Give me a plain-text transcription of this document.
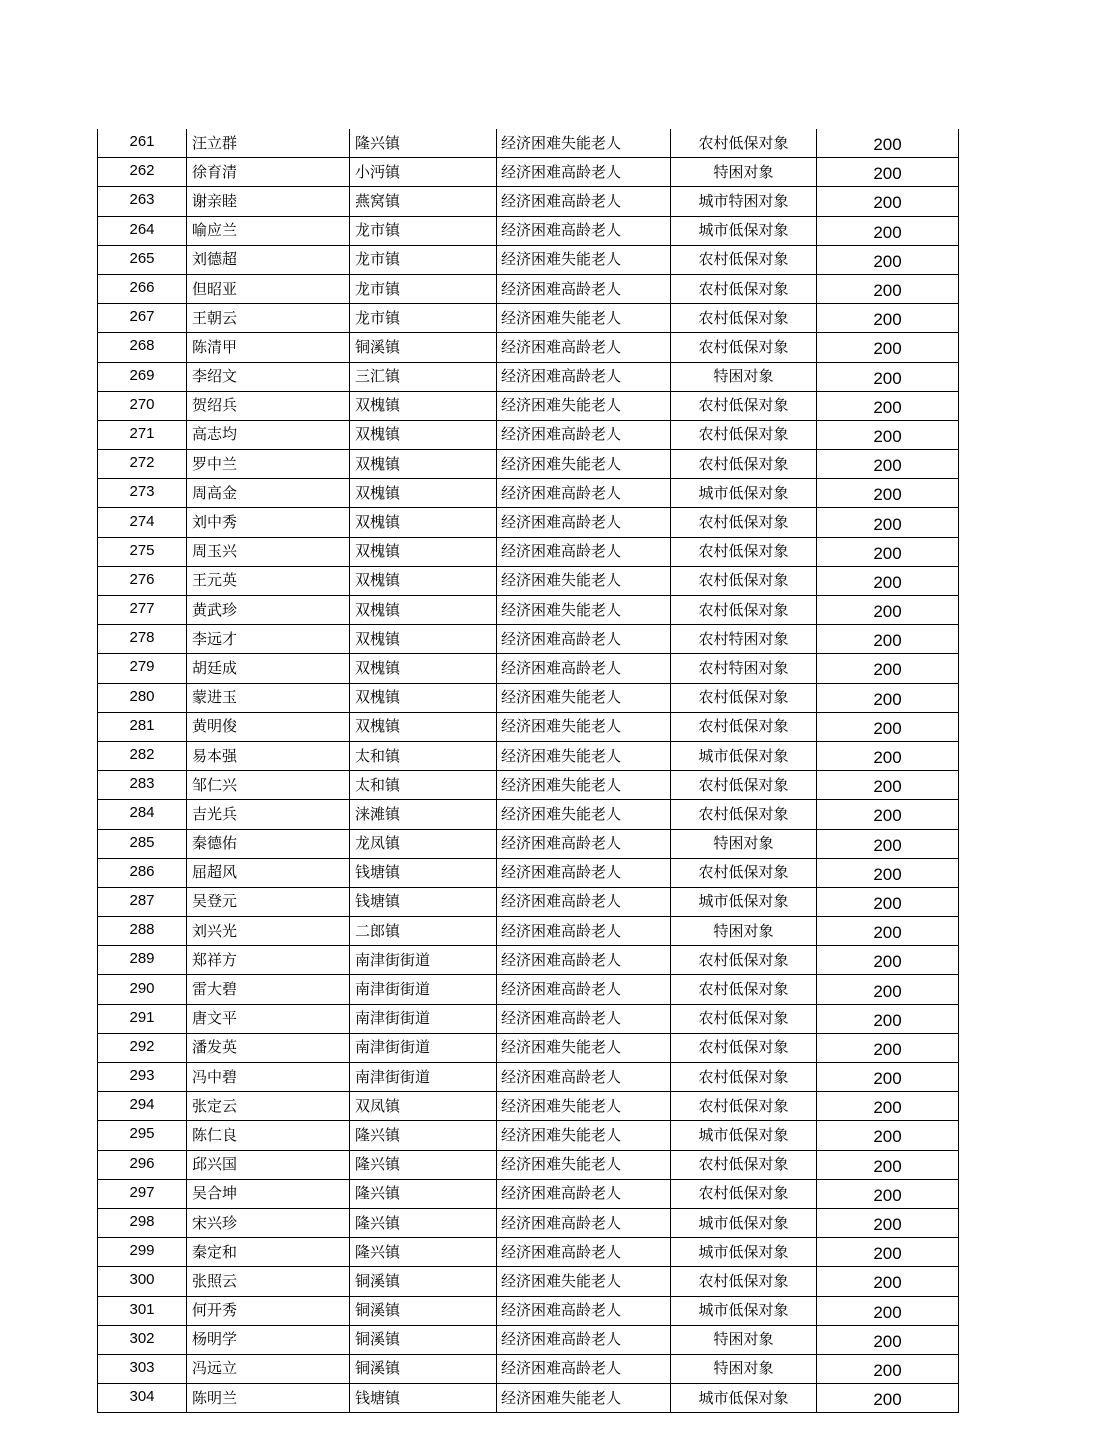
261	汪立群	隆兴镇	经济困难失能老人	农村低保对象	200
262	徐育清	小沔镇	经济困难高龄老人	特困对象	200
263	谢亲睦	燕窝镇	经济困难高龄老人	城市特困对象	200
264	喻应兰	龙市镇	经济困难高龄老人	城市低保对象	200
265	刘德超	龙市镇	经济困难失能老人	农村低保对象	200
266	但昭亚	龙市镇	经济困难高龄老人	农村低保对象	200
267	王朝云	龙市镇	经济困难失能老人	农村低保对象	200
268	陈清甲	铜溪镇	经济困难高龄老人	农村低保对象	200
269	李绍文	三汇镇	经济困难高龄老人	特困对象	200
270	贺绍兵	双槐镇	经济困难失能老人	农村低保对象	200
271	高志均	双槐镇	经济困难高龄老人	农村低保对象	200
272	罗中兰	双槐镇	经济困难失能老人	农村低保对象	200
273	周高金	双槐镇	经济困难高龄老人	城市低保对象	200
274	刘中秀	双槐镇	经济困难高龄老人	农村低保对象	200
275	周玉兴	双槐镇	经济困难高龄老人	农村低保对象	200
276	王元英	双槐镇	经济困难失能老人	农村低保对象	200
277	黄武珍	双槐镇	经济困难失能老人	农村低保对象	200
278	李远才	双槐镇	经济困难高龄老人	农村特困对象	200
279	胡廷成	双槐镇	经济困难高龄老人	农村特困对象	200
280	蒙进玉	双槐镇	经济困难失能老人	农村低保对象	200
281	黄明俊	双槐镇	经济困难失能老人	农村低保对象	200
282	易本强	太和镇	经济困难失能老人	城市低保对象	200
283	邹仁兴	太和镇	经济困难失能老人	农村低保对象	200
284	吉光兵	涞滩镇	经济困难失能老人	农村低保对象	200
285	秦德佑	龙凤镇	经济困难高龄老人	特困对象	200
286	屈超风	钱塘镇	经济困难高龄老人	农村低保对象	200
287	吴登元	钱塘镇	经济困难高龄老人	城市低保对象	200
288	刘兴光	二郎镇	经济困难高龄老人	特困对象	200
289	郑祥方	南津街街道	经济困难高龄老人	农村低保对象	200
290	雷大碧	南津街街道	经济困难高龄老人	农村低保对象	200
291	唐文平	南津街街道	经济困难高龄老人	农村低保对象	200
292	潘发英	南津街街道	经济困难失能老人	农村低保对象	200
293	冯中碧	南津街街道	经济困难高龄老人	农村低保对象	200
294	张定云	双凤镇	经济困难失能老人	农村低保对象	200
295	陈仁良	隆兴镇	经济困难失能老人	城市低保对象	200
296	邱兴国	隆兴镇	经济困难失能老人	农村低保对象	200
297	吴合坤	隆兴镇	经济困难高龄老人	农村低保对象	200
298	宋兴珍	隆兴镇	经济困难高龄老人	城市低保对象	200
299	秦定和	隆兴镇	经济困难高龄老人	城市低保对象	200
300	张照云	铜溪镇	经济困难失能老人	农村低保对象	200
301	何开秀	铜溪镇	经济困难高龄老人	城市低保对象	200
302	杨明学	铜溪镇	经济困难高龄老人	特困对象	200
303	冯远立	铜溪镇	经济困难高龄老人	特困对象	200
304	陈明兰	钱塘镇	经济困难失能老人	城市低保对象	200
